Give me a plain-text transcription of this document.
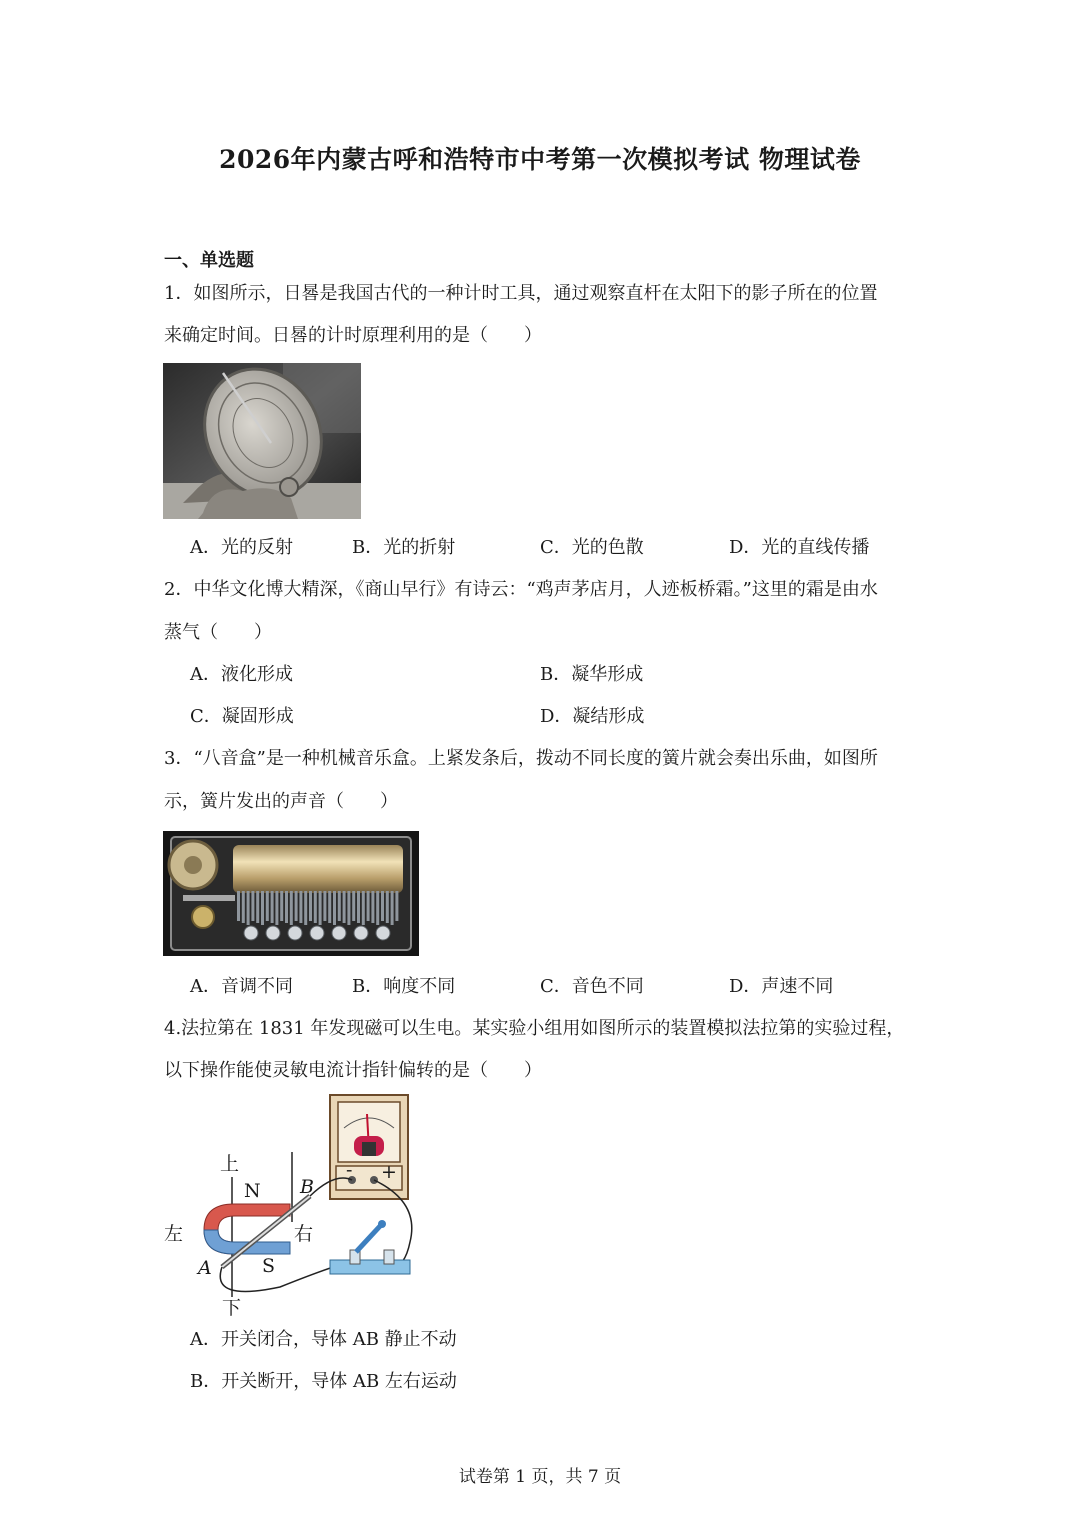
2026年内蒙古呼和浩特市中考第一次模拟考试 物理试卷
一、单选题
1．如图所示，日晷是我国古代的一种计时工具，通过观察直杆在太阳下的影子所在的位置
来确定时间。日晷的计时原理利用的是（　　）
A．光的反射	B．光的折射	C．光的色散	D．光的直线传播
2．中华文化博大精深，《商山早行》有诗云：“鸡声茅店月，人迹板桥霜。”这里的霜是由水
蒸气（　　）
A．液化形成	B．凝华形成
C．凝固形成	D．凝结形成
3．“八音盒”是一种机械音乐盒。上紧发条后，拨动不同长度的簧片就会奏出乐曲，如图所
示，簧片发出的声音（　　）
A．音调不同	B．响度不同	C．音色不同	D．声速不同
4.法拉第在 1831 年发现磁可以生电。某实验小组用如图所示的装置模拟法拉第的实验过程，
以下操作能使灵敏电流计指针偏转的是（　　）
- +
上
N B
左	右
A	S
下
A．开关闭合，导体 AB 静止不动
B．开关断开，导体 AB 左右运动
试卷第 1 页，共 7 页
